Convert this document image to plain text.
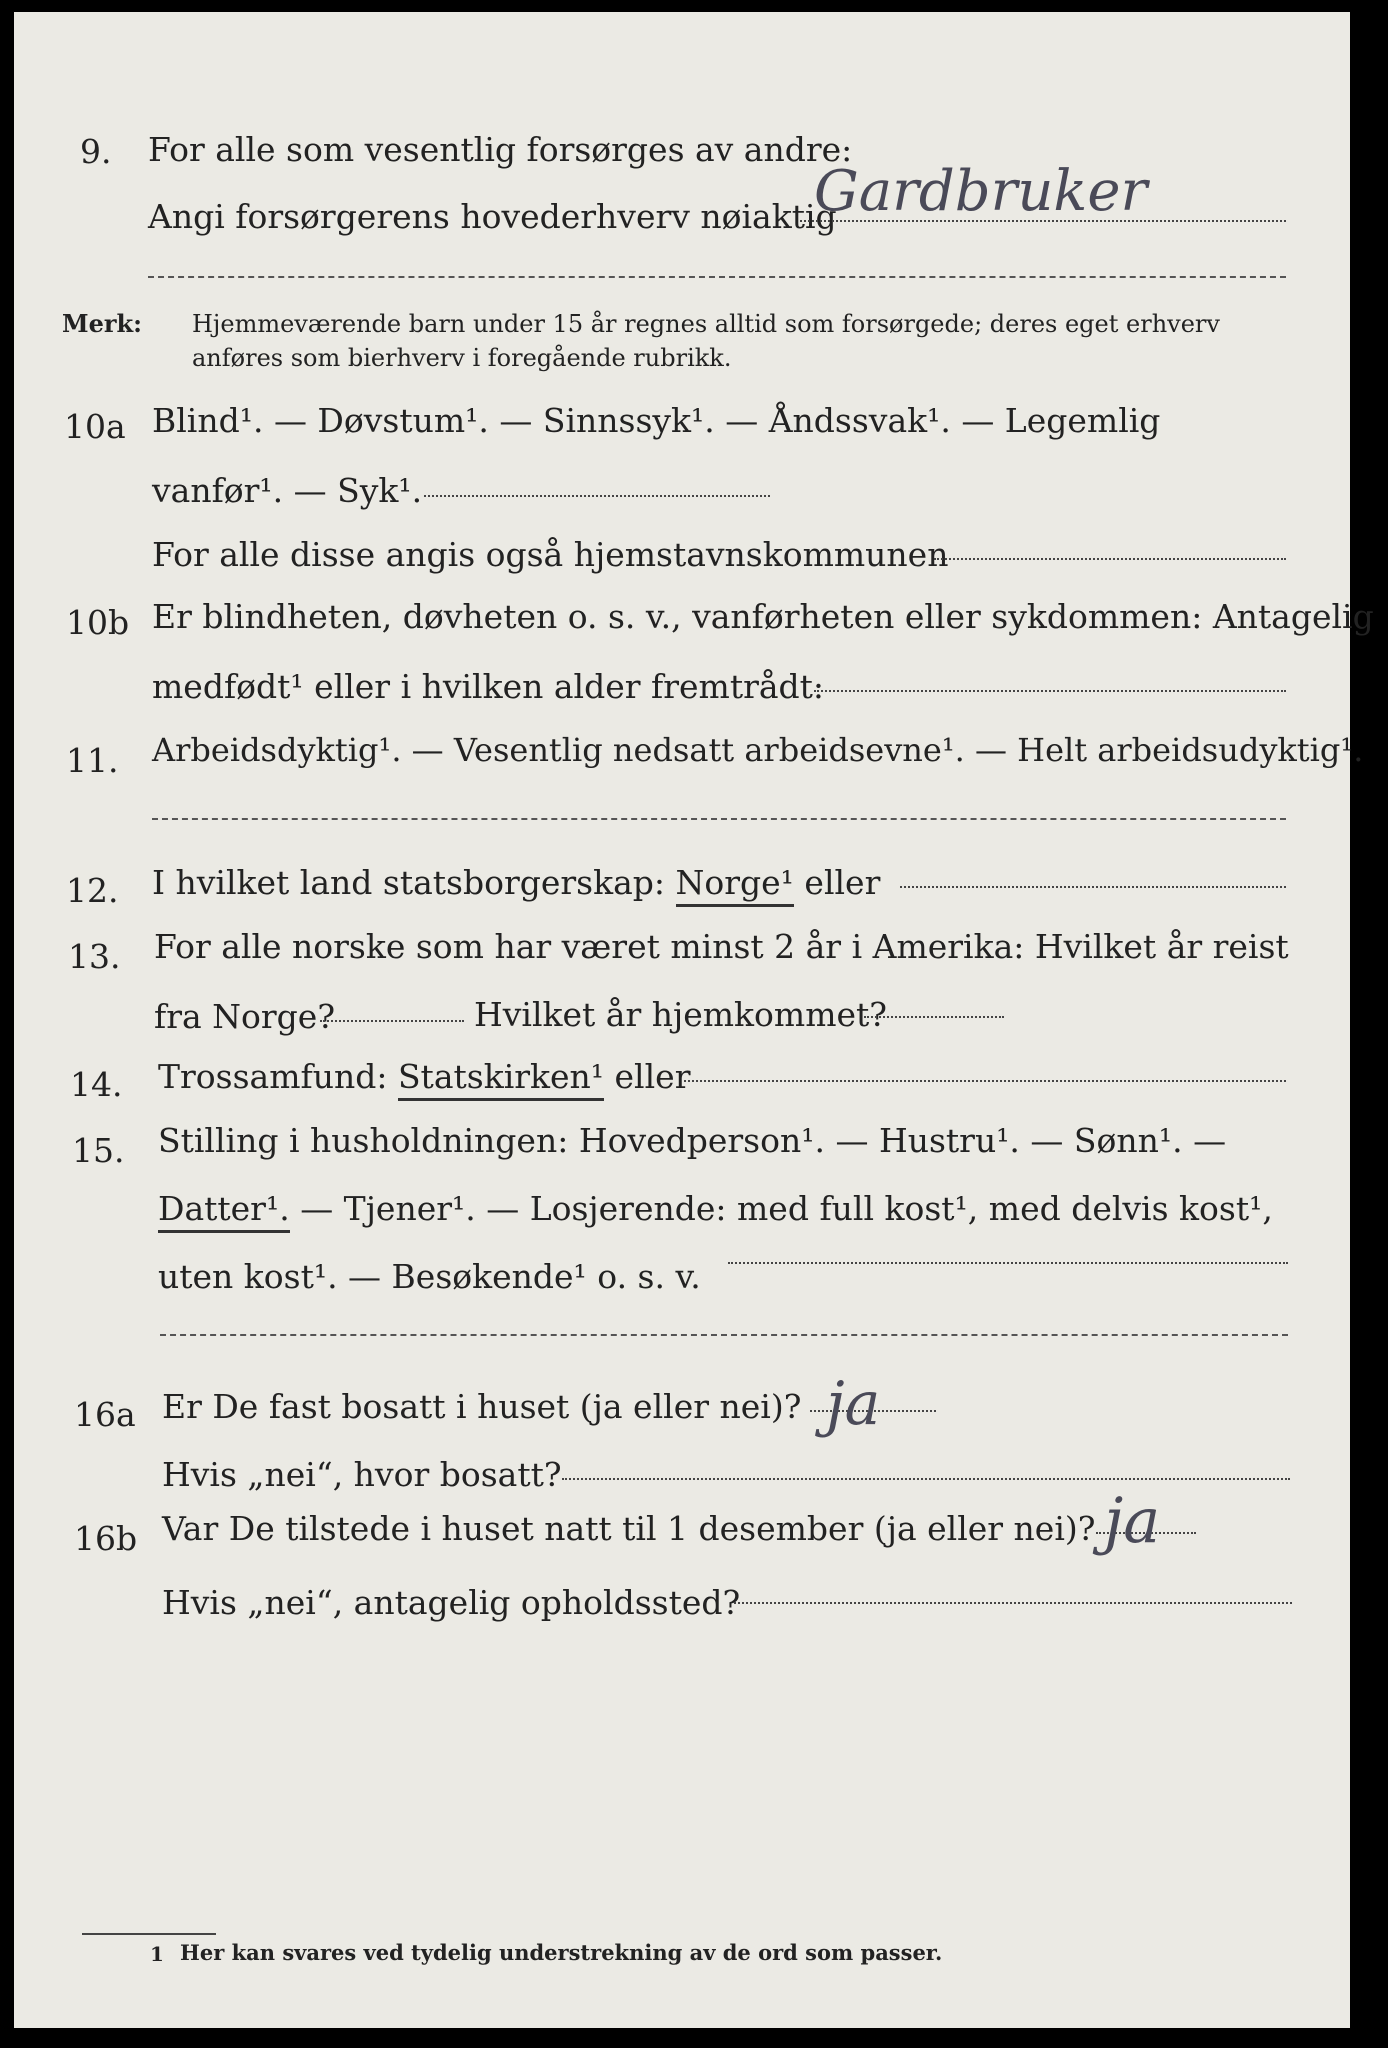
9. For alle som vesentlig forsørges av andre:
Angi forsørgerens hovederhverv nøiaktig
Gardbruker
Merk: Hjemmeværende barn under 15 år regnes alltid som forsørgede; deres eget erhverv
anføres som bierhverv i foregående rubrikk.
10a Blind¹. — Døvstum¹. — Sinnssyk¹. — Åndssvak¹. — Legemlig
vanfør¹. — Syk¹.
For alle disse angis også hjemstavnskommunen
10b Er blindheten, døvheten o. s. v., vanførheten eller sykdommen: Antagelig
medfødt¹ eller i hvilken alder fremtrådt:
11. Arbeidsdyktig¹. — Vesentlig nedsatt arbeidsevne¹. — Helt arbeidsudyktig¹.
12. I hvilket land statsborgerskap: Norge¹ eller
13. For alle norske som har været minst 2 år i Amerika: Hvilket år reist
fra Norge?	Hvilket år hjemkommet?
14. Trossamfund: Statskirken¹ eller
15. Stilling i husholdningen: Hovedperson¹. — Hustru¹. — Sønn¹. —
Datter¹. — Tjener¹. — Losjerende: med full kost¹, med delvis kost¹,
uten kost¹. — Besøkende¹ o. s. v.
16a Er De fast bosatt i huset (ja eller nei)? ja
Hvis „nei“, hvor bosatt?
16b Var De tilstede i huset natt til 1 desember (ja eller nei)? ja
Hvis „nei“, antagelig opholdssted?
1 Her kan svares ved tydelig understrekning av de ord som passer.
